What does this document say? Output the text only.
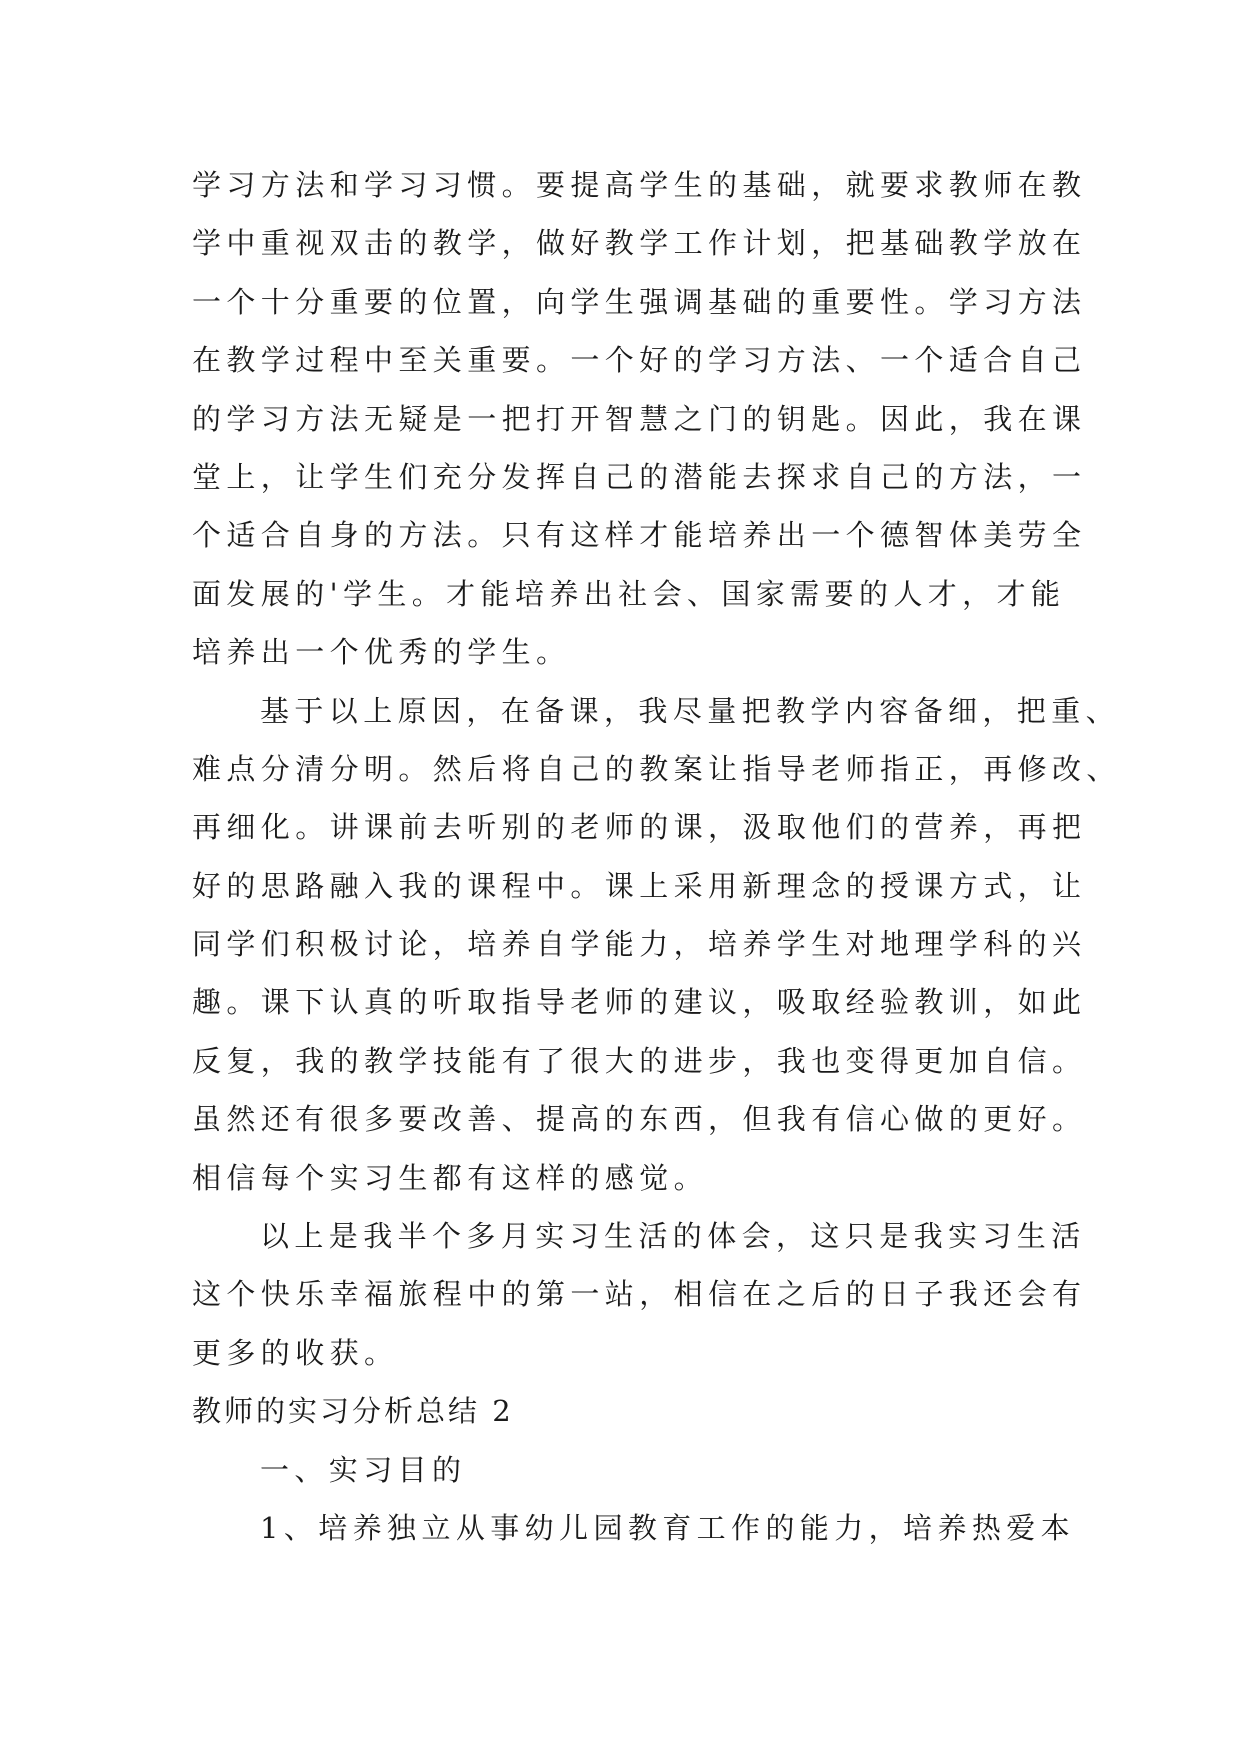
学习方法和学习习惯。要提高学生的基础，就要求教师在教
学中重视双击的教学，做好教学工作计划，把基础教学放在
一个十分重要的位置，向学生强调基础的重要性。学习方法
在教学过程中至关重要。一个好的学习方法、一个适合自己
的学习方法无疑是一把打开智慧之门的钥匙。因此，我在课
堂上，让学生们充分发挥自己的潜能去探求自己的方法，一
个适合自身的方法。只有这样才能培养出一个德智体美劳全
面发展的'学生。才能培养出社会、国家需要的人才，才能
培养出一个优秀的学生。
基于以上原因，在备课，我尽量把教学内容备细，把重、
难点分清分明。然后将自己的教案让指导老师指正，再修改、
再细化。讲课前去听别的老师的课，汲取他们的营养，再把
好的思路融入我的课程中。课上采用新理念的授课方式，让
同学们积极讨论，培养自学能力，培养学生对地理学科的兴
趣。课下认真的听取指导老师的建议，吸取经验教训，如此
反复，我的教学技能有了很大的进步，我也变得更加自信。
虽然还有很多要改善、提高的东西，但我有信心做的更好。
相信每个实习生都有这样的感觉。
以上是我半个多月实习生活的体会，这只是我实习生活
这个快乐幸福旅程中的第一站，相信在之后的日子我还会有
更多的收获。
教师的实习分析总结 2
一、实习目的
1、培养独立从事幼儿园教育工作的能力，培养热爱本
